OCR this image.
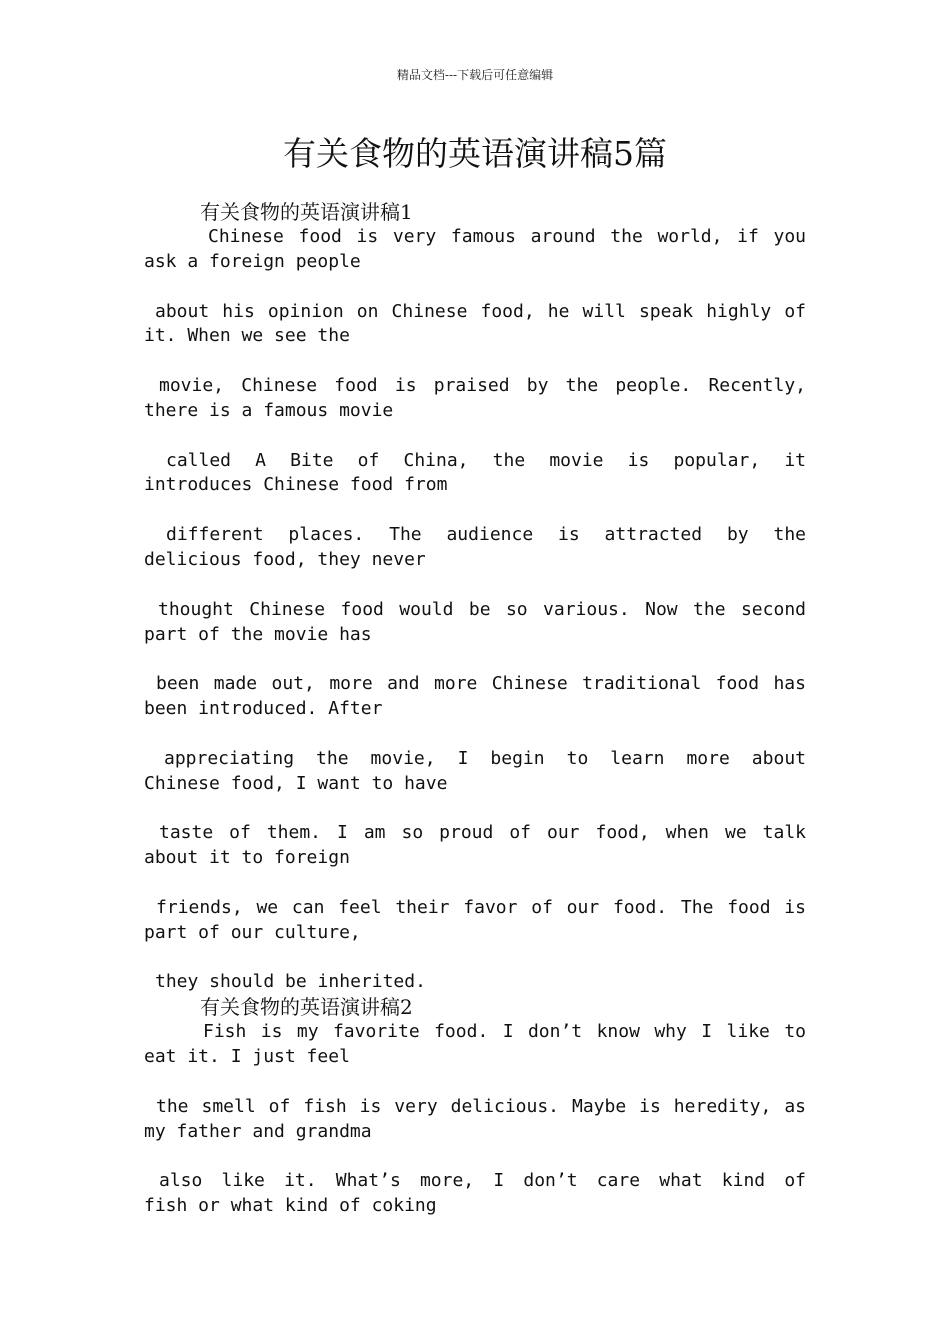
精品文档---下载后可任意编辑
有关食物的英语演讲稿5篇
有关食物的英语演讲稿1
Chinese food is very famous around the world, if you
ask a foreign people
about his opinion on Chinese food, he will speak highly of
it. When we see the
movie, Chinese food is praised by the people. Recently,
there is a famous movie
called A Bite of China, the movie is popular, it
introduces Chinese food from
different places. The audience is attracted by the
delicious food, they never
thought Chinese food would be so various. Now the second
part of the movie has
been made out, more and more Chinese traditional food has
been introduced. After
appreciating the movie, I begin to learn more about
Chinese food, I want to have
taste of them. I am so proud of our food, when we talk
about it to foreign
friends, we can feel their favor of our food. The food is
part of our culture,
they should be inherited.
有关食物的英语演讲稿2
Fish is my favorite food. I don’t know why I like to
eat it. I just feel
the smell of fish is very delicious. Maybe is heredity, as
my father and grandma
also like it. What’s more, I don’t care what kind of
fish or what kind of coking
